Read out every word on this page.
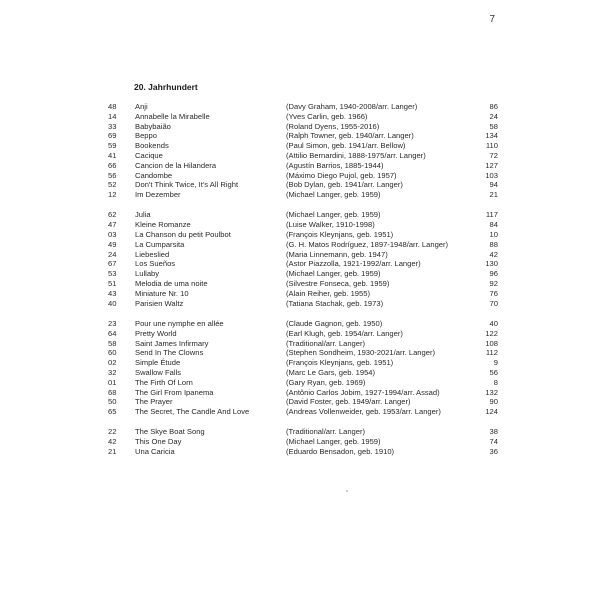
7
20. Jahrhundert
48	Anji	(Davy Graham, 1940-2008/arr. Langer)	86
14	Annabelle la Mirabelle	(Yves Carlin, geb. 1966)	24
33	Babybaião	(Roland Dyens, 1955-2016)	58
69	Beppo	(Ralph Towner, geb. 1940/arr. Langer)	134
59	Bookends	(Paul Simon, geb. 1941/arr. Bellow)	110
41	Cacique	(Attilio Bernardini, 1888-1975/arr. Langer)	72
66	Cancion de la Hilandera	(Agustín Barrios, 1885-1944)	127
56	Candombe	(Máximo Diego Pujol, geb. 1957)	103
52	Don't Think Twice, It's All Right	(Bob Dylan, geb. 1941/arr. Langer)	94
12	Im Dezember	(Michael Langer, geb. 1959)	21
62	Julia	(Michael Langer, geb. 1959)	117
47	Kleine Romanze	(Luise Walker, 1910-1998)	84
03	La Chanson du petit Poulbot	(François Kleynjans, geb. 1951)	10
49	La Cumparsita	(G. H. Matos Rodríguez, 1897-1948/arr. Langer)	88
24	Liebeslied	(Maria Linnemann, geb. 1947)	42
67	Los Sueños	(Astor Piazzolla, 1921-1992/arr. Langer)	130
53	Lullaby	(Michael Langer, geb. 1959)	96
51	Melodia de uma noite	(Silvestre Fonseca, geb. 1959)	92
43	Miniature Nr. 10	(Alain Reiher, geb. 1955)	76
40	Parisien Waltz	(Tatiana Stachak, geb. 1973)	70
23	Pour une nymphe en allée	(Claude Gagnon, geb. 1950)	40
64	Pretty World	(Earl Klugh, geb. 1954/arr. Langer)	122
58	Saint James Infirmary	(Traditional/arr. Langer)	108
60	Send In The Clowns	(Stephen Sondheim, 1930-2021/arr. Langer)	112
02	Simple Étude	(François Kleynjans, geb. 1951)	9
32	Swallow Falls	(Marc Le Gars, geb. 1954)	56
01	The Firth Of Lorn	(Gary Ryan, geb. 1969)	8
68	The Girl From Ipanema	(Antônio Carlos Jobim, 1927-1994/arr. Assad)	132
50	The Prayer	(David Foster, geb. 1949/arr. Langer)	90
65	The Secret, The Candle And Love	(Andreas Vollenweider, geb. 1953/arr. Langer)	124
22	The Skye Boat Song	(Traditional/arr. Langer)	38
42	This One Day	(Michael Langer, geb. 1959)	74
21	Una Caricia	(Eduardo Bensadon, geb. 1910)	36
